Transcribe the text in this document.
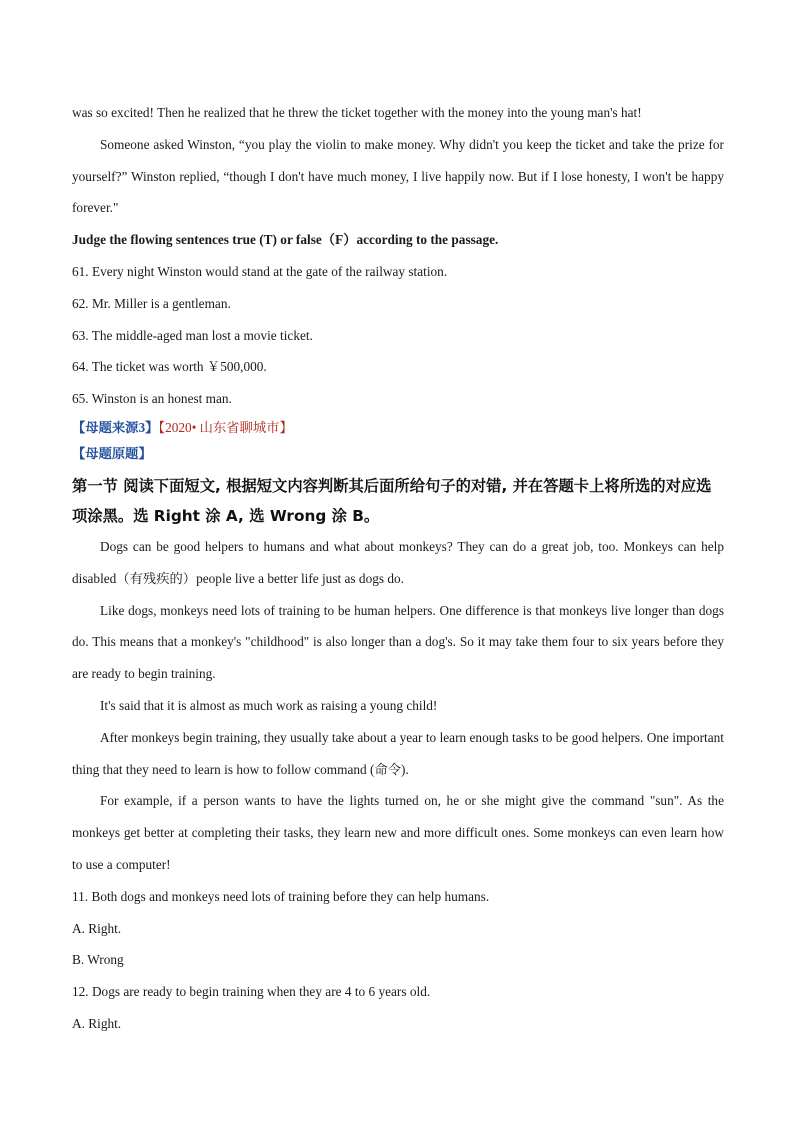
was so excited! Then he realized that he threw the ticket together with the money into the young man's hat!

Someone asked Winston, “you play the violin to make money. Why didn't you keep the ticket and take the prize for yourself?” Winston replied, “though I don't have much money, I live happily now. But if I lose honesty, I won't be happy forever."

Judge the flowing sentences true (T) or false（F）according to the passage.

61. Every night Winston would stand at the gate of the railway station.

62. Mr. Miller is a gentleman.

63. The middle-aged man lost a movie ticket.

64. The ticket was worth ￥500,000.

65. Winston is an honest man.

【母题来源3】【2020• 山东省聊城市】

【母题原题】

第一节 阅读下面短文, 根据短文内容判断其后面所给句子的对错, 并在答题卡上将所选的对应选项涂黑。选 Right 涂 A, 选 Wrong 涂 B。

Dogs can be good helpers to humans and what about monkeys? They can do a great job, too. Monkeys can help disabled（有残疾的）people live a better life just as dogs do.

Like dogs, monkeys need lots of training to be human helpers. One difference is that monkeys live longer than dogs do. This means that a monkey's "childhood" is also longer than a dog's. So it may take them four to six years before they are ready to begin training.

It's said that it is almost as much work as raising a young child!

After monkeys begin training, they usually take about a year to learn enough tasks to be good helpers. One important thing that they need to learn is how to follow command (命令).

For example, if a person wants to have the lights turned on, he or she might give the command "sun". As the monkeys get better at completing their tasks, they learn new and more difficult ones. Some monkeys can even learn how to use a computer!

11. Both dogs and monkeys need lots of training before they can help humans.

A. Right.

B. Wrong

12. Dogs are ready to begin training when they are 4 to 6 years old.

A. Right.
